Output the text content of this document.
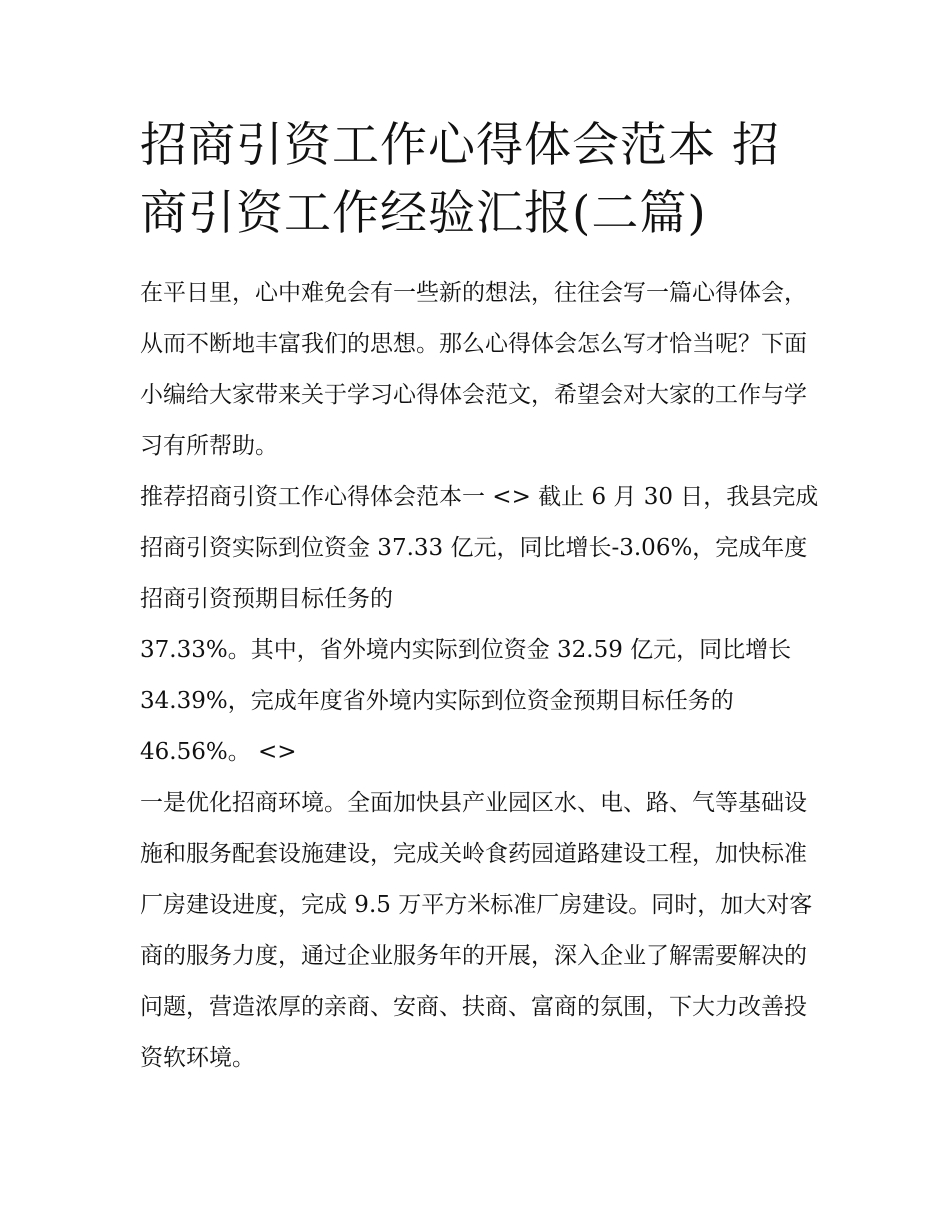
招商引资工作心得体会范本 招商引资工作经验汇报(二篇)

在平日里，心中难免会有一些新的想法，往往会写一篇心得体会，从而不断地丰富我们的思想。那么心得体会怎么写才恰当呢？下面小编给大家带来关于学习心得体会范文，希望会对大家的工作与学习有所帮助。

推荐招商引资工作心得体会范本一 <> 截止 6 月 30 日，我县完成招商引资实际到位资金 37.33 亿元，同比增长-3.06%，完成年度招商引资预期目标任务的

37.33%。其中，省外境内实际到位资金 32.59 亿元，同比增长 34.39%，完成年度省外境内实际到位资金预期目标任务的 46.56%。 <>

一是优化招商环境。全面加快县产业园区水、电、路、气等基础设施和服务配套设施建设，完成关岭食药园道路建设工程，加快标准厂房建设进度，完成 9.5 万平方米标准厂房建设。同时，加大对客商的服务力度，通过企业服务年的开展，深入企业了解需要解决的问题，营造浓厚的亲商、安商、扶商、富商的氛围，下大力改善投资软环境。
